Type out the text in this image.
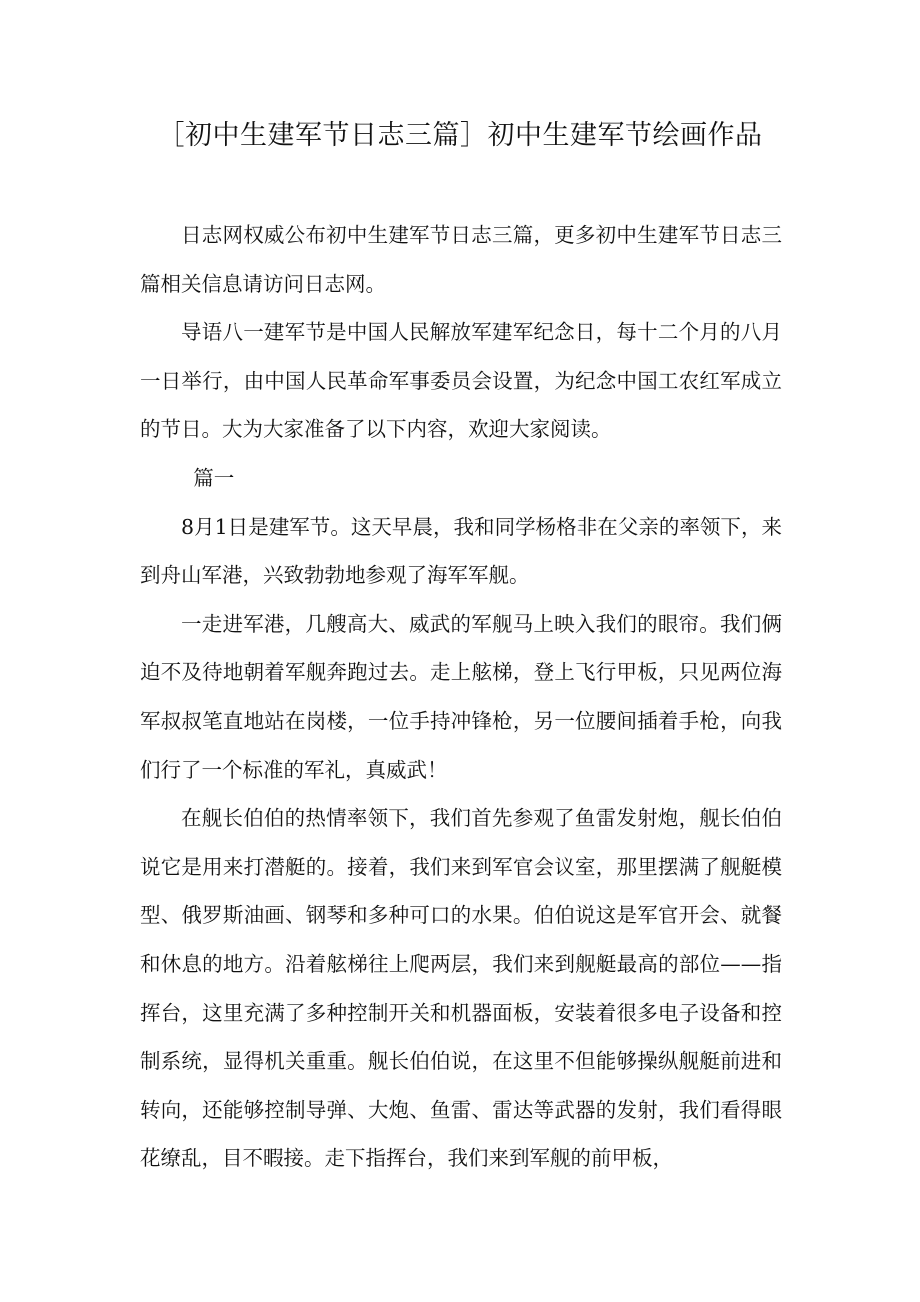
［初中生建军节日志三篇］初中生建军节绘画作品

日志网权威公布初中生建军节日志三篇，更多初中生建军节日志三篇相关信息请访问日志网。

导语八一建军节是中国人民解放军建军纪念日，每十二个月的八月一日举行，由中国人民革命军事委员会设置，为纪念中国工农红军成立的节日。大为大家准备了以下内容，欢迎大家阅读。

篇一

8月1日是建军节。这天早晨，我和同学杨格非在父亲的率领下，来到舟山军港，兴致勃勃地参观了海军军舰。

一走进军港，几艘高大、威武的军舰马上映入我们的眼帘。我们俩迫不及待地朝着军舰奔跑过去。走上舷梯，登上飞行甲板，只见两位海军叔叔笔直地站在岗楼，一位手持冲锋枪，另一位腰间插着手枪，向我们行了一个标准的军礼，真威武！

在舰长伯伯的热情率领下，我们首先参观了鱼雷发射炮，舰长伯伯说它是用来打潜艇的。接着，我们来到军官会议室，那里摆满了舰艇模型、俄罗斯油画、钢琴和多种可口的水果。伯伯说这是军官开会、就餐和休息的地方。沿着舷梯往上爬两层，我们来到舰艇最高的部位——指挥台，这里充满了多种控制开关和机器面板，安装着很多电子设备和控制系统，显得机关重重。舰长伯伯说，在这里不但能够操纵舰艇前进和转向，还能够控制导弹、大炮、鱼雷、雷达等武器的发射，我们看得眼花缭乱，目不暇接。走下指挥台，我们来到军舰的前甲板，
